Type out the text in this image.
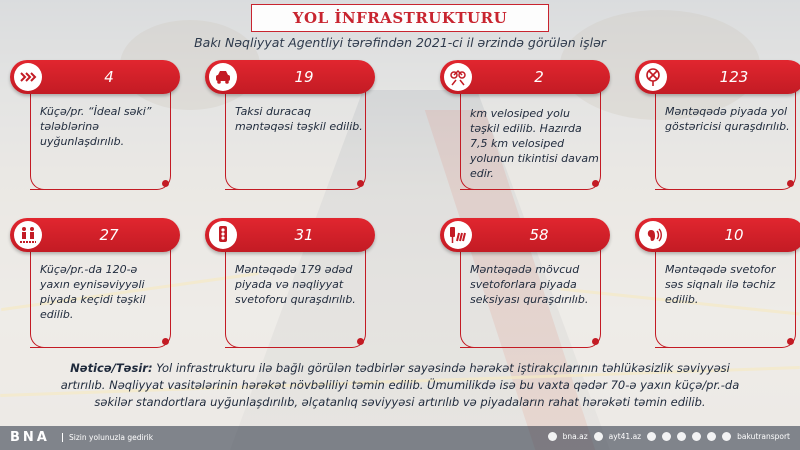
YOL İNFRASTRUKTURU
Bakı Nəqliyyat Agentliyi tərəfindən 2021-ci il ərzində görülən işlər
4
Küçə/pr. “İdeal səki” tələblərinə uyğunlaşdırılıb.
19
Taksi duracaq məntəqəsi təşkil edilib.
2
km velosiped yolu təşkil edilib. Hazırda 7,5 km velosiped yolunun tikintisi davam edir.
123
Məntəqədə piyada yol göstəricisi quraşdırılıb.
27
Küçə/pr.-da 120-ə yaxın eynisəviyyəli piyada keçidi təşkil edilib.
31
Məntəqədə 179 ədəd piyada və nəqliyyat svetoforu quraşdırılıb.
58
Məntəqədə mövcud svetoforlara piyada seksiyası quraşdırılıb.
10
Məntəqədə svetofor səs siqnalı ilə təchiz edilib.
Nəticə/Təsir: Yol infrastrukturu ilə bağlı görülən tədbirlər sayəsində hərəkət iştirakçılarının təhlükəsizlik səviyyəsi artırılıb. Nəqliyyat vasitələrinin hərəkət növbəliliyi təmin edilib. Ümumilikdə isə bu vaxta qədər 70-ə yaxın küçə/pr.-da səkilər standortlara uyğunlaşdırılıb, əlçatanlıq səviyyəsi artırılıb və piyadaların rahat hərəkəti təmin edilib.
BNA	Sizin yolunuzla gedirik	bna.az	ayt41.az	bakutransport
